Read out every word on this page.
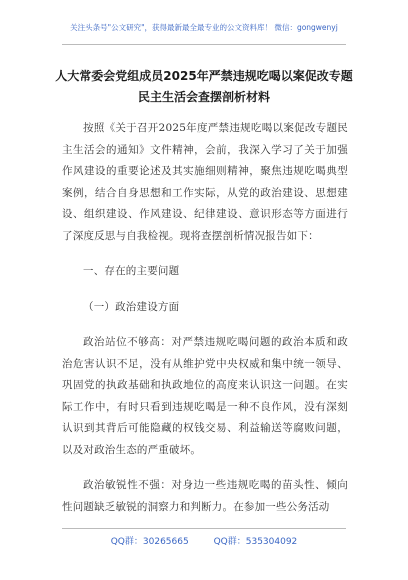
关注头条号"公文研究"，获得最新最全最专业的公文资料库！ 微信：gongwenyj
人大常委会党组成员2025年严禁违规吃喝以案促改专题民主生活会查摆剖析材料

按照《关于召开2025年度严禁违规吃喝以案促改专题民主生活会的通知》文件精神，会前，我深入学习了关于加强作风建设的重要论述及其实施细则精神，聚焦违规吃喝典型案例，结合自身思想和工作实际，从党的政治建设、思想建设、组织建设、作风建设、纪律建设、意识形态等方面进行了深度反思与自我检视。现将查摆剖析情况报告如下：

一、存在的主要问题

（一）政治建设方面

政治站位不够高：对严禁违规吃喝问题的政治本质和政治危害认识不足，没有从维护党中央权威和集中统一领导、巩固党的执政基础和执政地位的高度来认识这一问题。在实际工作中，有时只看到违规吃喝是一种不良作风，没有深刻认识到其背后可能隐藏的权钱交易、利益输送等腐败问题，以及对政治生态的严重破坏。

政治敏锐性不强：对身边一些违规吃喝的苗头性、倾向性问题缺乏敏锐的洞察力和判断力。在参加一些公务活动

QQ群：30265665	QQ群：535304092
